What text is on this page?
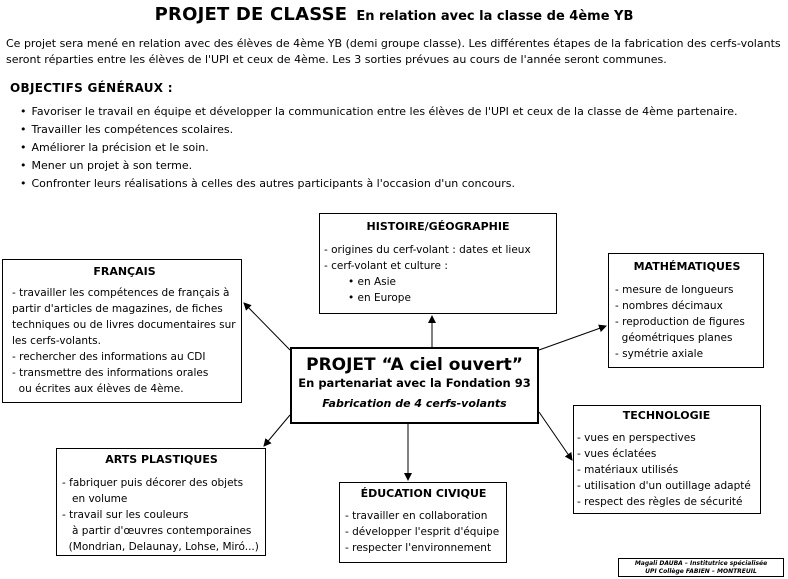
PROJET DE CLASSE En relation avec la classe de 4ème YB
Ce projet sera mené en relation avec des élèves de 4ème YB (demi groupe classe). Les différentes étapes de la fabrication des cerfs-volants seront réparties entre les élèves de l'UPI et ceux de 4ème. Les 3 sorties prévues au cours de l'année seront communes.
OBJECTIFS GÉNÉRAUX :
• Favoriser le travail en équipe et développer la communication entre les élèves de l'UPI et ceux de la classe de 4ème partenaire.
• Travailler les compétences scolaires.
• Améliorer la précision et le soin.
• Mener un projet à son terme.
• Confronter leurs réalisations à celles des autres participants à l'occasion d'un concours.
HISTOIRE/GÉOGRAPHIE
- origines du cerf-volant : dates et lieux
- cerf-volant et culture :
• en Asie
• en Europe
FRANÇAIS
- travailler les compétences de français à
partir d'articles de magazines, de fiches
techniques ou de livres documentaires sur
les cerfs-volants.
- rechercher des informations au CDI
- transmettre des informations orales
ou écrites aux élèves de 4ème.
MATHÉMATIQUES
- mesure de longueurs
- nombres décimaux
- reproduction de figures
géométriques planes
- symétrie axiale
PROJET “A ciel ouvert”
En partenariat avec la Fondation 93
Fabrication de 4 cerfs-volants
TECHNOLOGIE
- vues en perspectives
- vues éclatées
- matériaux utilisés
- utilisation d'un outillage adapté
- respect des règles de sécurité
ARTS PLASTIQUES
- fabriquer puis décorer des objets
en volume
- travail sur les couleurs
à partir d'œuvres contemporaines
(Mondrian, Delaunay, Lohse, Miró...)
ÉDUCATION CIVIQUE
- travailler en collaboration
- développer l'esprit d'équipe
- respecter l'environnement
Magali DAUBA – Institutrice spécialisée
UPI Collège FABIEN – MONTREUIL
